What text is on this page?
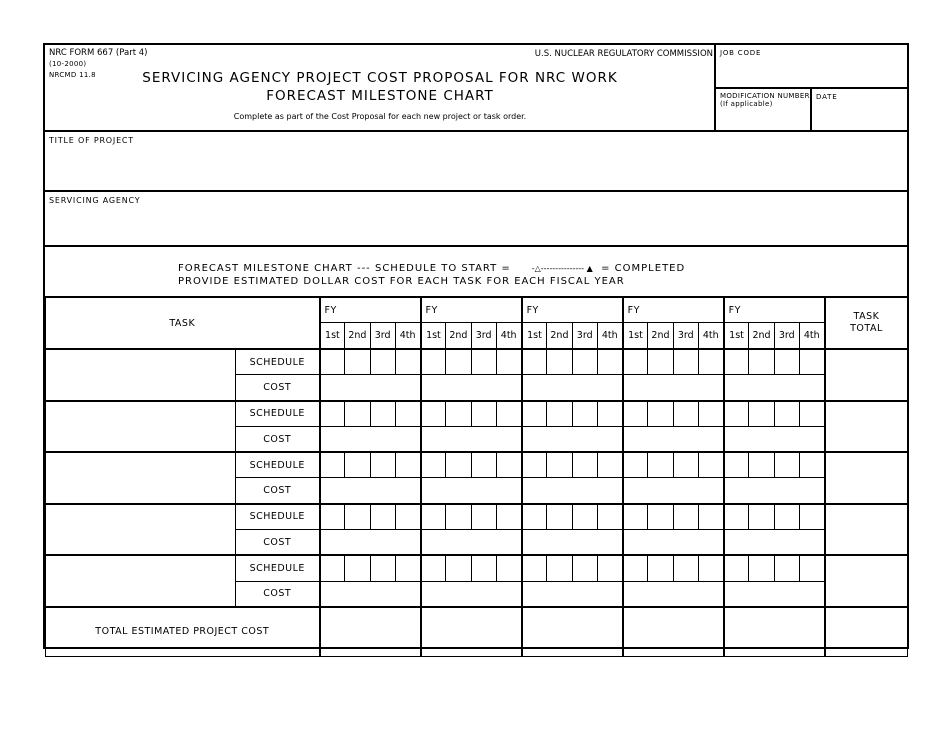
NRC FORM 667 (Part 4)
(10-2000)
NRCMD 11.8
U.S. NUCLEAR REGULATORY COMMISSION
SERVICING AGENCY PROJECT COST PROPOSAL FOR NRC WORK
FORECAST MILESTONE CHART
Complete as part of the Cost Proposal for each new project or task order.
JOB CODE
MODIFICATION NUMBER
(If applicable)
DATE
TITLE OF PROJECT
SERVICING AGENCY
FORECAST MILESTONE CHART --- SCHEDULE TO START =	-△--------------- ▲ = COMPLETED
PROVIDE ESTIMATED DOLLAR COST FOR EACH TASK FOR EACH FISCAL YEAR
TASK		FY				FY				FY				FY				FY				TASK TOTAL
		1st	2nd	3rd	4th	1st	2nd	3rd	4th	1st	2nd	3rd	4th	1st	2nd	3rd	4th	1st	2nd	3rd	4th	
	SCHEDULE																					
	COST																					
	SCHEDULE																					
	COST																					
	SCHEDULE																					
	COST																					
	SCHEDULE																					
	COST																					
	SCHEDULE																					
	COST																					
TOTAL ESTIMATED PROJECT COST																						
